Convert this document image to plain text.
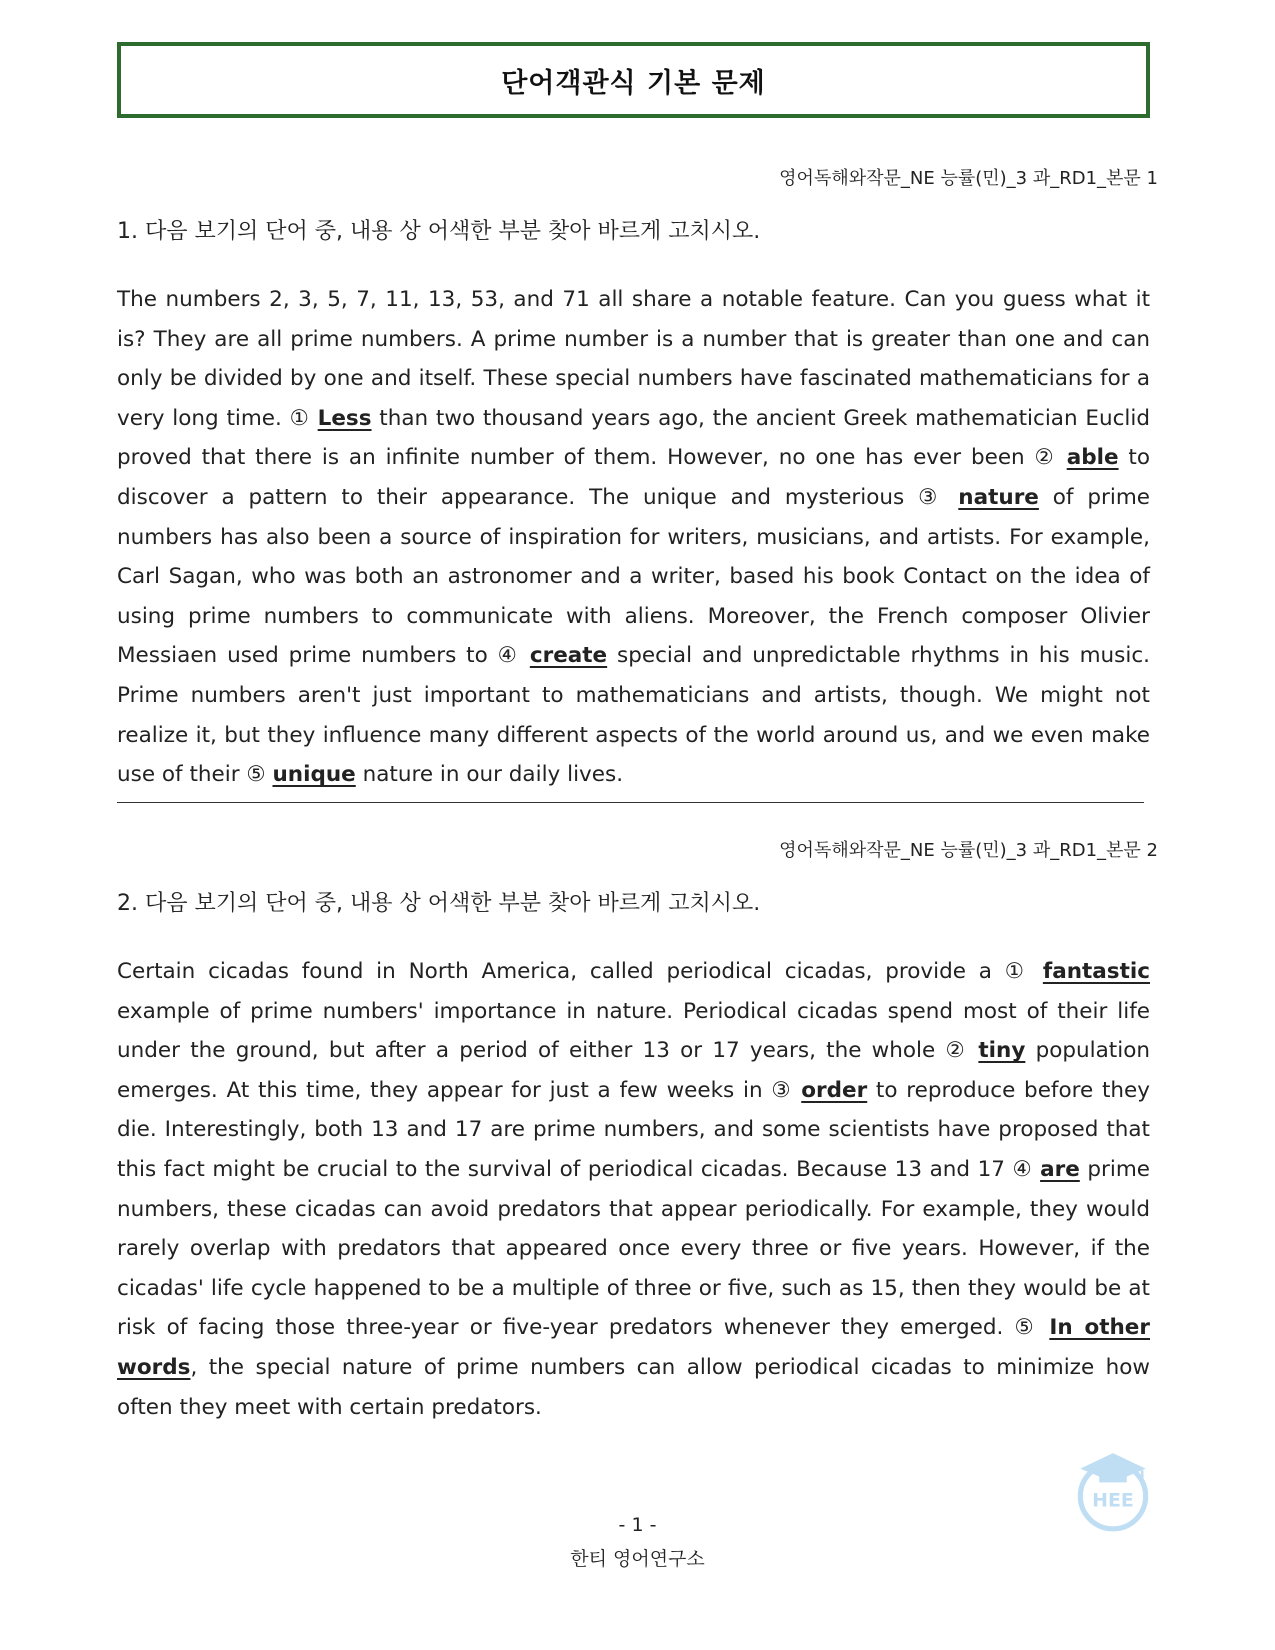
단어객관식 기본 문제
영어독해와작문_NE 능률(민)_3 과_RD1_본문 1
1. 다음 보기의 단어 중, 내용 상 어색한 부분 찾아 바르게 고치시오.
The numbers 2, 3, 5, 7, 11, 13, 53, and 71 all share a notable feature. Can you guess what it is? They are all prime numbers. A prime number is a number that is greater than one and can only be divided by one and itself. These special numbers have fascinated mathematicians for a very long time. ① Less than two thousand years ago, the ancient Greek mathematician Euclid proved that there is an infinite number of them. However, no one has ever been ② able to discover a pattern to their appearance. The unique and mysterious ③ nature of prime numbers has also been a source of inspiration for writers, musicians, and artists. For example, Carl Sagan, who was both an astronomer and a writer, based his book Contact on the idea of using prime numbers to communicate with aliens. Moreover, the French composer Olivier Messiaen used prime numbers to ④ create special and unpredictable rhythms in his music. Prime numbers aren't just important to mathematicians and artists, though. We might not realize it, but they influence many different aspects of the world around us, and we even make use of their ⑤ unique nature in our daily lives.
영어독해와작문_NE 능률(민)_3 과_RD1_본문 2
2. 다음 보기의 단어 중, 내용 상 어색한 부분 찾아 바르게 고치시오.
Certain cicadas found in North America, called periodical cicadas, provide a ① fantastic example of prime numbers' importance in nature. Periodical cicadas spend most of their life under the ground, but after a period of either 13 or 17 years, the whole ② tiny population emerges. At this time, they appear for just a few weeks in ③ order to reproduce before they die. Interestingly, both 13 and 17 are prime numbers, and some scientists have proposed that this fact might be crucial to the survival of periodical cicadas. Because 13 and 17 ④ are prime numbers, these cicadas can avoid predators that appear periodically. For example, they would rarely overlap with predators that appeared once every three or five years. However, if the cicadas' life cycle happened to be a multiple of three or five, such as 15, then they would be at risk of facing those three-year or five-year predators whenever they emerged. ⑤ In other words, the special nature of prime numbers can allow periodical cicadas to minimize how often they meet with certain predators.
HEE
- 1 -
한티 영어연구소
